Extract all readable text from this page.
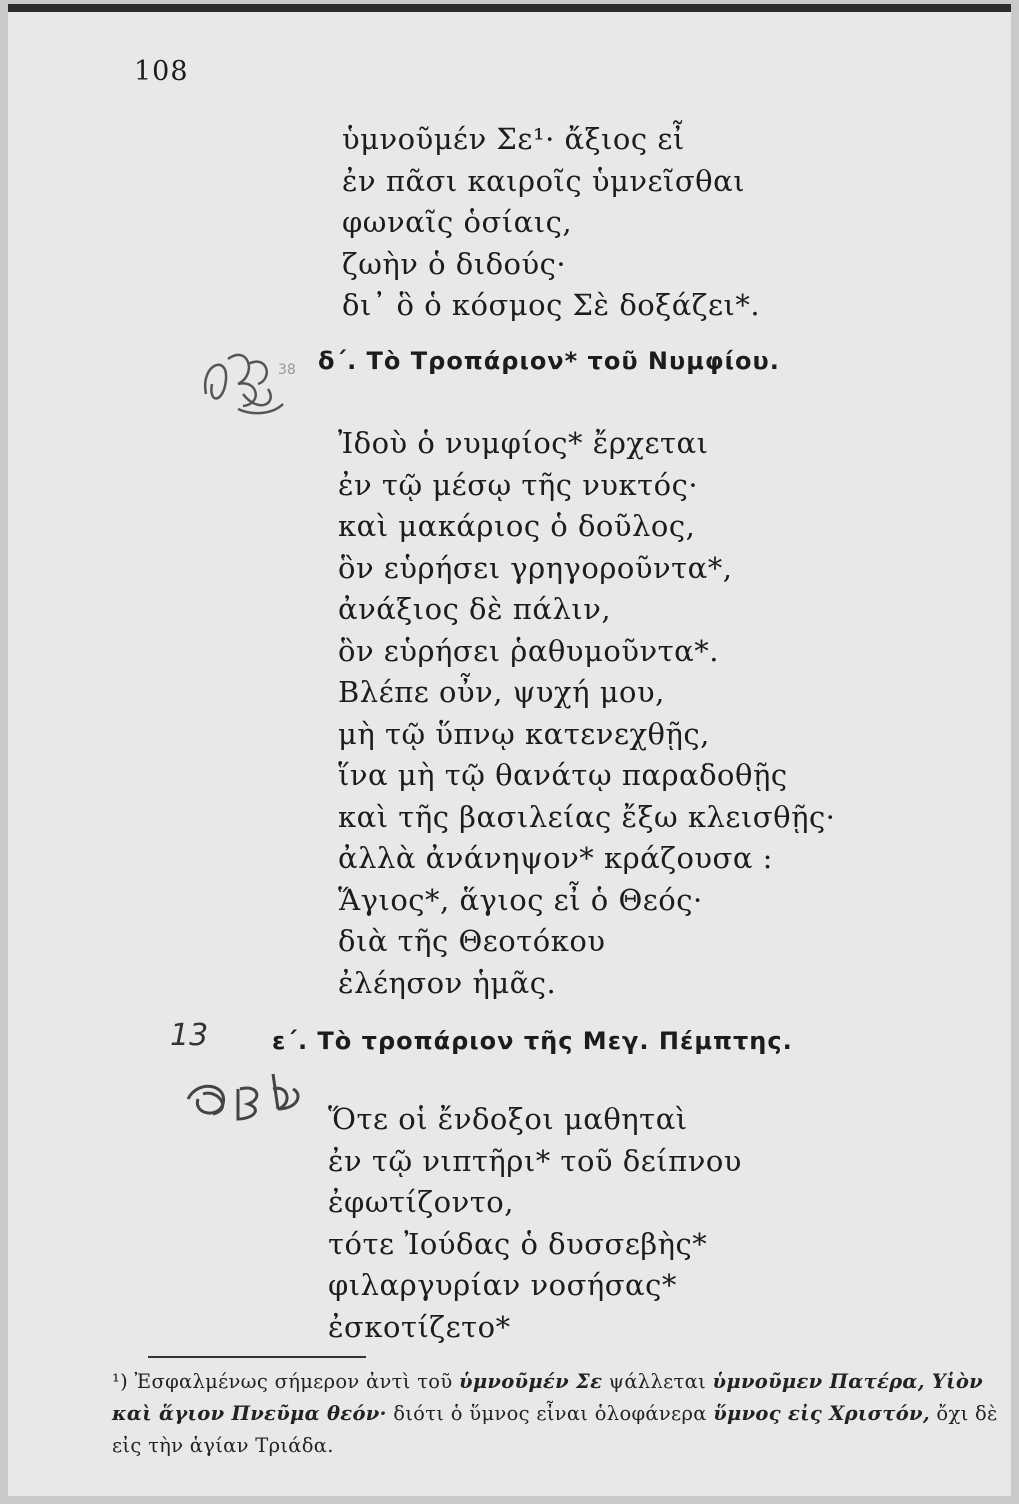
108
ὑμνοῦμέν Σε¹· ἄξιος εἶ
ἐν πᾶσι καιροῖς ὑμνεῖσθαι
φωναῖς ὁσίαις,
ζωὴν ὁ διδούς·
δι᾽ ὃ ὁ κόσμος Σὲ δοξάζει*.
38 δ΄. Τὸ Τροπάριον* τοῦ Νυμφίου.
Ἰδοὺ ὁ νυμφίος* ἔρχεται
ἐν τῷ μέσῳ τῆς νυκτός·
καὶ μακάριος ὁ δοῦλος,
ὃν εὑρήσει γρηγοροῦντα*,
ἀνάξιος δὲ πάλιν,
ὃν εὑρήσει ῥαθυμοῦντα*.
Βλέπε οὖν, ψυχή μου,
μὴ τῷ ὕπνῳ κατενεχθῇς,
ἵνα μὴ τῷ θανάτῳ παραδοθῇς
καὶ τῆς βασιλείας ἔξω κλεισθῇς·
ἀλλὰ ἀνάνηψον* κράζουσα :
Ἅγιος*, ἅγιος εἶ ὁ Θεός·
διὰ τῆς Θεοτόκου
ἐλέησον ἡμᾶς.
13	ε΄. Τὸ τροπάριον τῆς Μεγ. Πέμπτης.
Ὅτε οἱ ἔνδοξοι μαθηταὶ
ἐν τῷ νιπτῆρι* τοῦ δείπνου
ἐφωτίζοντο,
τότε Ἰούδας ὁ δυσσεβὴς*
φιλαργυρίαν νοσήσας*
ἐσκοτίζετο*
¹) Ἐσφαλμένως σήμερον ἀντὶ τοῦ ὑμνοῦμέν Σε ψάλλεται ὑμνοῦμεν Πατέρα, Υἱὸν καὶ ἅγιον Πνεῦμα θεόν· διότι ὁ ὕμνος εἶναι ὁλοφάνερα ὕμνος εἰς Χριστόν, ὄχι δὲ εἰς τὴν ἁγίαν Τριάδα.
